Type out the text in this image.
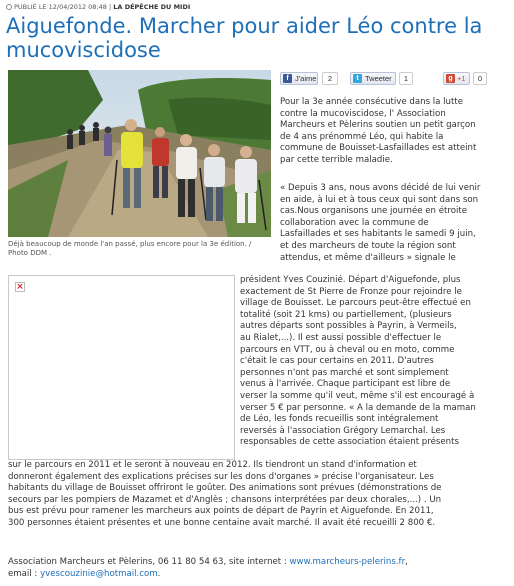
PUBLIÉ LE 12/04/2012 08:48 | LA DÉPÊCHE DU MIDI
Aiguefonde. Marcher pour aider Léo contre la mucoviscidose
Déjà beaucoup de monde l'an passé, plus encore pour la 3e édition. / Photo DDM .
f J'aime	2	t Tweeter	1	g +1	0
Pour la 3e année consécutive dans la lutte
contre la mucoviscidose, l' Association
Marcheurs et Pèlerins soutien un petit garçon
de 4 ans prénommé Léo, qui habite la
commune de Bouisset-Lasfaillades est atteint
par cette terrible maladie.
« Depuis 3 ans, nous avons décidé de lui venir
en aide, à lui et à tous ceux qui sont dans son
cas.Nous organisons une journée en étroite
collaboration avec la commune de
Lasfaillades et ses habitants le samedi 9 juin,
et des marcheurs de toute la région sont
attendus, et même d'ailleurs » signale le
×
président Yves Couzinié. Départ d'Aiguefonde, plus
exactement de St Pierre de Fronze pour rejoindre le
village de Bouisset. Le parcours peut-être effectué en
totalité (soit 21 kms) ou partiellement, (plusieurs
autres départs sont possibles à Payrin, à Vermeils,
au Rialet,...). Il est aussi possible d'effectuer le
parcours en VTT, ou à cheval ou en moto, comme
c'était le cas pour certains en 2011. D'autres
personnes n'ont pas marché et sont simplement
venus à l'arrivée. Chaque participant est libre de
verser la somme qu'il veut, même s'il est encouragé à
verser 5 € par personne. « A la demande de la maman
de Léo, les fonds recueillis sont intégralement
reversés à l'association Grégory Lemarchal. Les
responsables de cette association étaient présents
sur le parcours en 2011 et le seront à nouveau en 2012. Ils tiendront un stand d'information et
donneront également des explications précises sur les dons d'organes » précise l'organisateur. Les
habitants du village de Bouisset offriront le goûter. Des animations sont prévues (démonstrations de
secours par les pompiers de Mazamet et d'Anglès ; chansons interprétées par deux chorales,...) . Un
bus est prévu pour ramener les marcheurs aux points de départ de Payrin et Aiguefonde. En 2011,
300 personnes étaient présentes et une bonne centaine avait marché. Il avait été recueilli 2 800 €.
Association Marcheurs et Pèlerins, 06 11 80 54 63, site internet : www.marcheurs-pelerins.fr,
email : yvescouzinie@hotmail.com.
